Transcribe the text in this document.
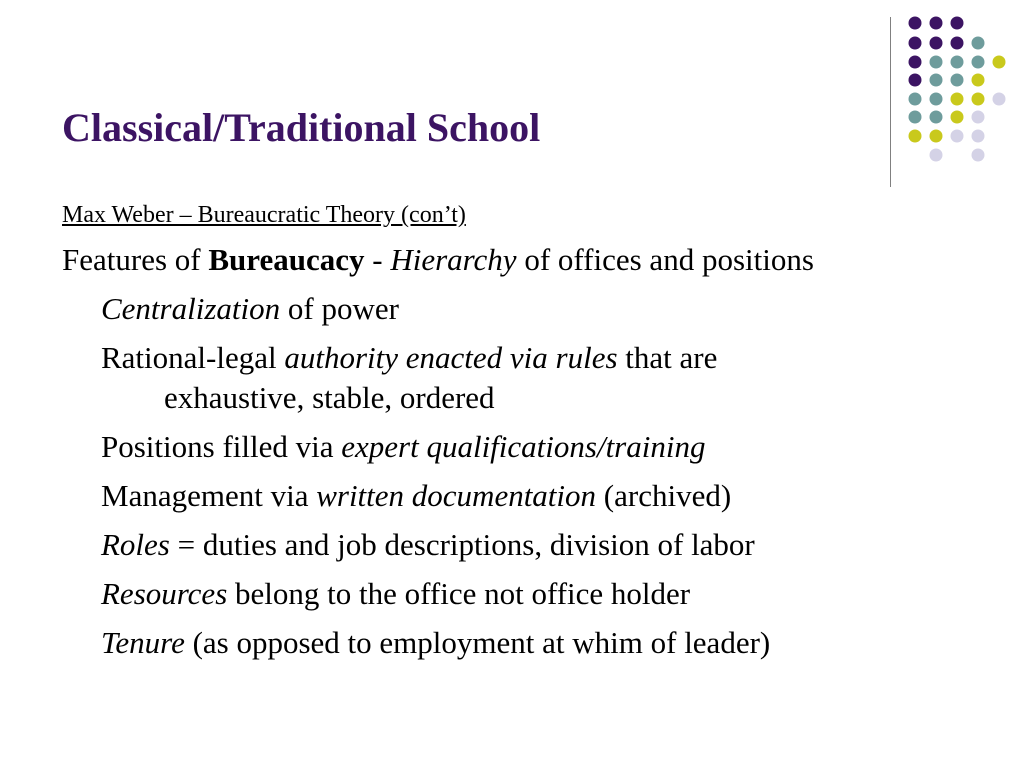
Classical/Traditional School
Max Weber – Bureaucratic Theory (con’t)
Features of Bureaucacy - Hierarchy of offices and positions
Centralization of power
Rational-legal authority enacted via rules that are
exhaustive, stable, ordered
Positions filled via expert qualifications/training
Management via written documentation (archived)
Roles = duties and job descriptions, division of labor
Resources belong to the office not office holder
Tenure (as opposed to employment at whim of leader)
